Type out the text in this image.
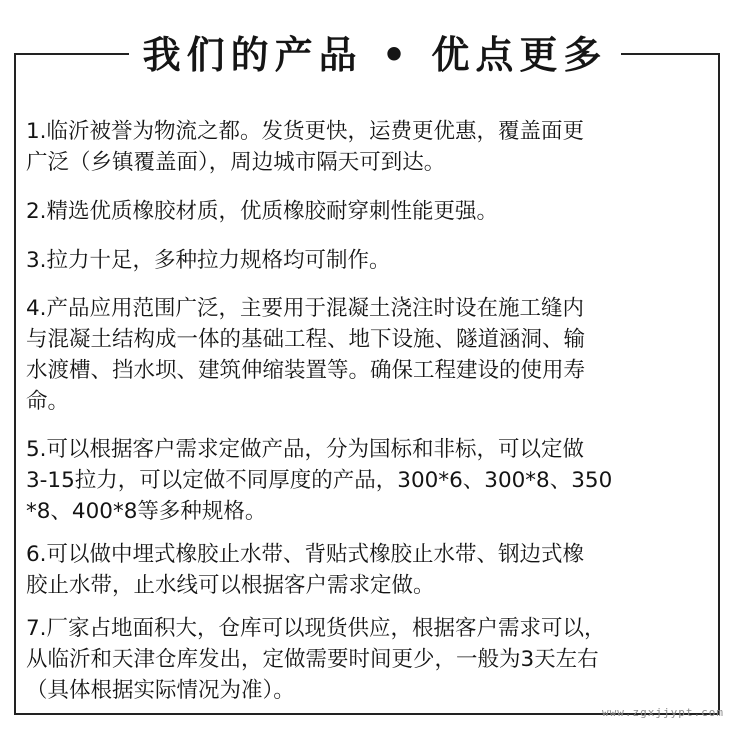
我们的产品 • 优点更多

1.临沂被誉为物流之都。发货更快，运费更优惠，覆盖面更
广泛（乡镇覆盖面），周边城市隔天可到达。

2.精选优质橡胶材质，优质橡胶耐穿刺性能更强。

3.拉力十足，多种拉力规格均可制作。

4.产品应用范围广泛，主要用于混凝土浇注时设在施工缝内
与混凝土结构成一体的基础工程、地下设施、隧道涵洞、输
水渡槽、挡水坝、建筑伸缩装置等。确保工程建设的使用寿
命。

5.可以根据客户需求定做产品，分为国标和非标，可以定做
3-15拉力，可以定做不同厚度的产品，300*6、300*8、350
*8、400*8等多种规格。

6.可以做中埋式橡胶止水带、背贴式橡胶止水带、钢边式橡
胶止水带，止水线可以根据客户需求定做。

7.厂家占地面积大，仓库可以现货供应，根据客户需求可以，
从临沂和天津仓库发出，定做需要时间更少，一般为3天左右
（具体根据实际情况为准）。

www.zgxjjypt.com
